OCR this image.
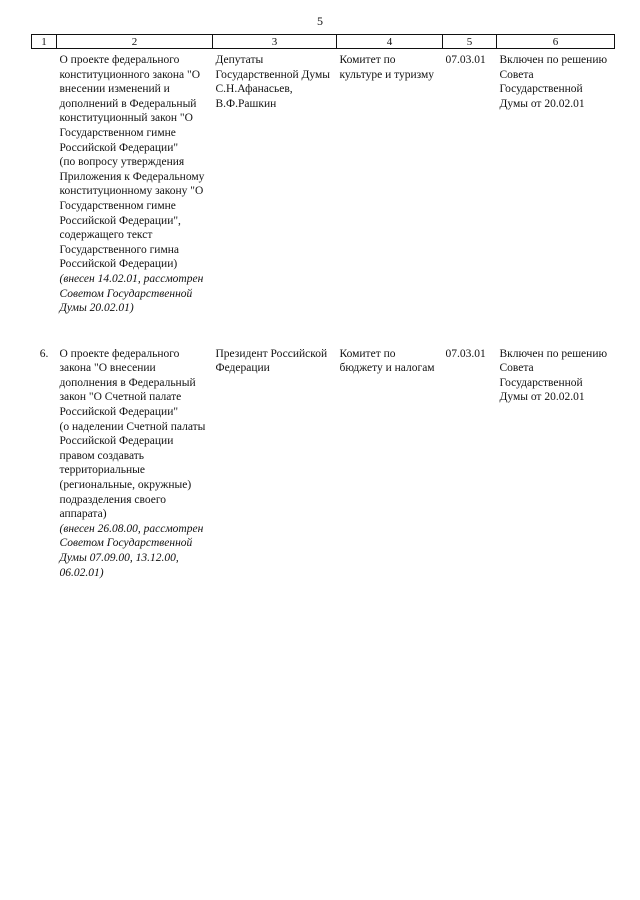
5
1	2	3	4	5	6

	О проекте федерального конституционного закона "О внесении изменений и дополнений в Федеральный конституционный закон "О Государственном гимне Российской Федерации"
(по вопросу утверждения Приложения к Федеральному конституционному закону "О Государственном гимне Российской Федерации", содержащего текст Государственного гимна Российской Федерации)
(внесен 14.02.01, рассмотрен Советом Государственной Думы 20.02.01)	Депутаты Государственной Думы С.Н.Афанасьев, В.Ф.Рашкин	Комитет по культуре и туризму	07.03.01	Включен по решению Совета Государственной Думы от 20.02.01
6.	О проекте федерального закона "О внесении дополнения в Федеральный закон "О Счетной палате Российской Федерации"
(о наделении Счетной палаты Российской Федерации правом создавать территориальные (региональные, окружные) подразделения своего аппарата)
(внесен 26.08.00, рассмотрен Советом Государственной Думы 07.09.00, 13.12.00, 06.02.01)	Президент Российской Федерации	Комитет по бюджету и налогам	07.03.01	Включен по решению Совета Государственной Думы от 20.02.01
